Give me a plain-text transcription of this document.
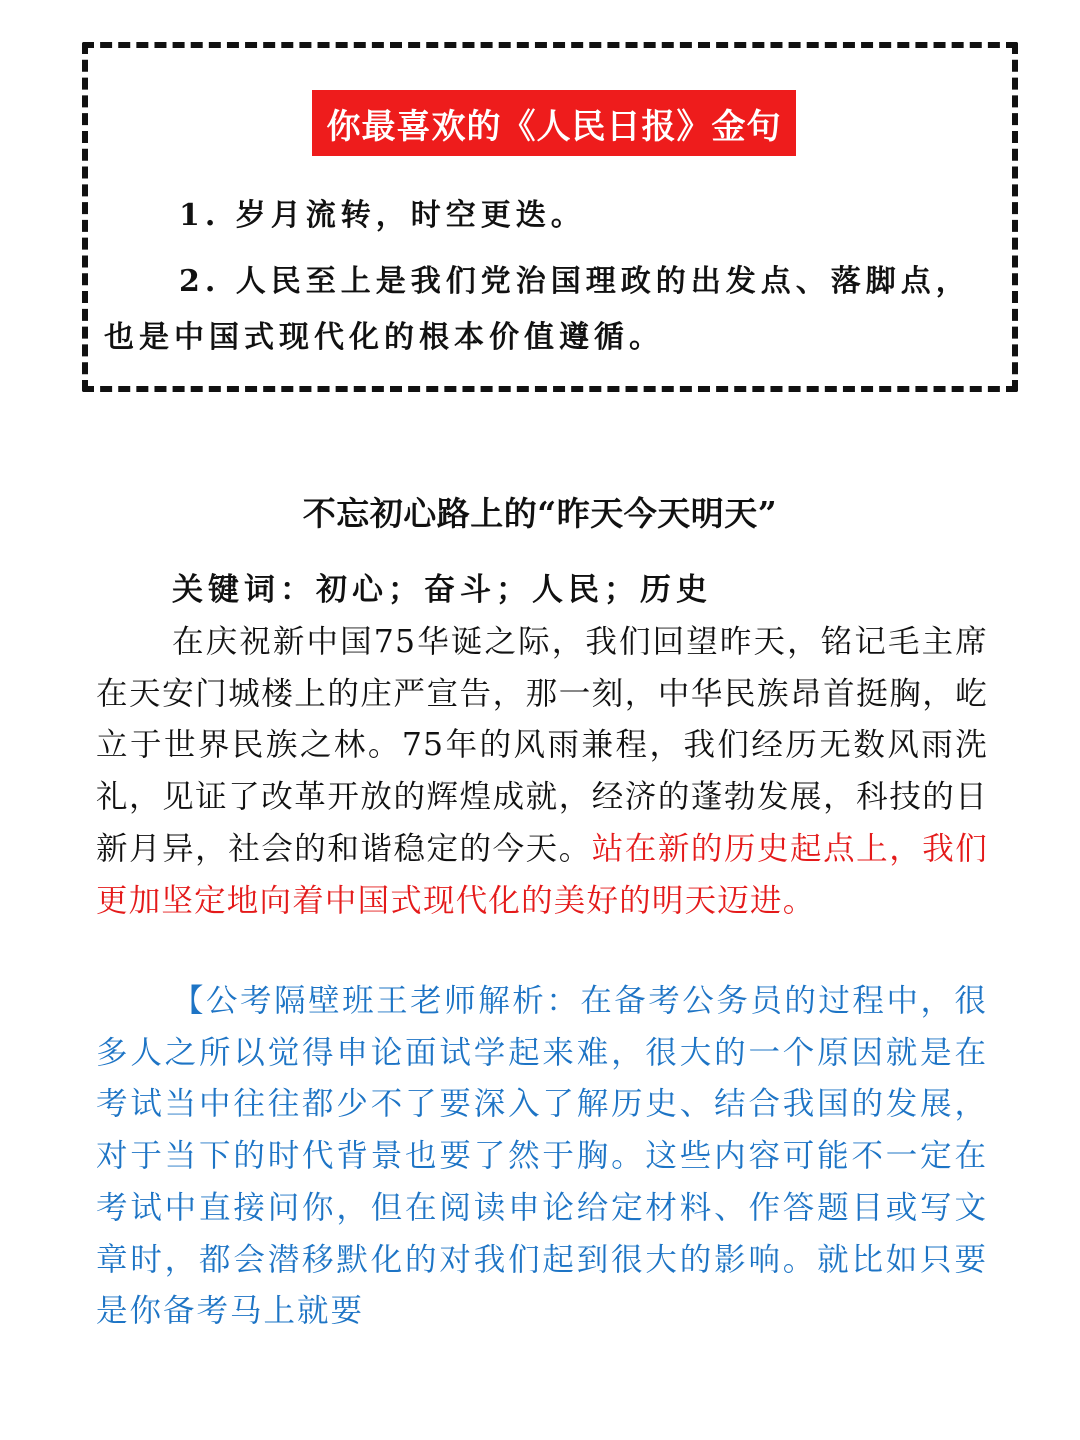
你最喜欢的《人民日报》金句

1. 岁月流转，时空更迭。

2. 人民至上是我们党治国理政的出发点、落脚点，也是中国式现代化的根本价值遵循。

不忘初心路上的“昨天今天明天”

关键词：初心；奋斗；人民；历史

在庆祝新中国75华诞之际，我们回望昨天，铭记毛主席在天安门城楼上的庄严宣告，那一刻，中华民族昂首挺胸，屹立于世界民族之林。75年的风雨兼程，我们经历无数风雨洗礼，见证了改革开放的辉煌成就，经济的蓬勃发展，科技的日新月异，社会的和谐稳定的今天。站在新的历史起点上，我们更加坚定地向着中国式现代化的美好的明天迈进。

【公考隔壁班王老师解析：在备考公务员的过程中，很多人之所以觉得申论面试学起来难，很大的一个原因就是在考试当中往往都少不了要深入了解历史、结合我国的发展，对于当下的时代背景也要了然于胸。这些内容可能不一定在考试中直接问你，但在阅读申论给定材料、作答题目或写文章时，都会潜移默化的对我们起到很大的影响。就比如只要是你备考马上就要
